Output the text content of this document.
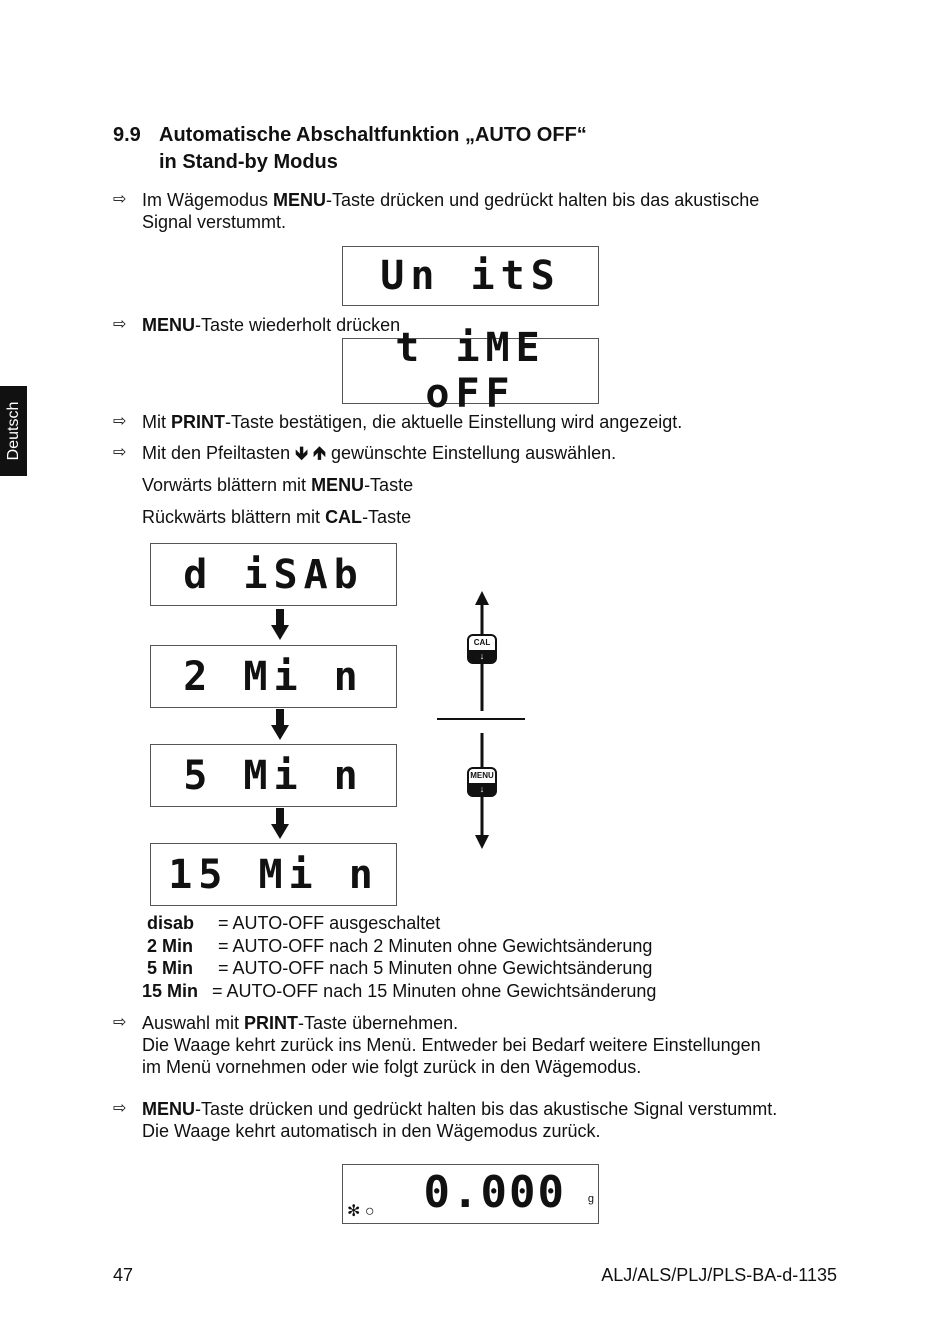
Deutsch
9.9 Automatische Abschaltfunktion „AUTO OFF“
in Stand-by Modus
⇨ Im Wägemodus MENU-Taste drücken und gedrückt halten bis das akustische
Signal verstummt.
Un itS
⇨ MENU-Taste wiederholt drücken
t iME oFF
⇨ Mit PRINT-Taste bestätigen, die aktuelle Einstellung wird angezeigt.
⇨ Mit den Pfeiltasten 🡻 🡹 gewünschte Einstellung auswählen.
Vorwärts blättern mit MENU-Taste
Rückwärts blättern mit CAL-Taste
d iSAb
2 Mi n
5 Mi n
15 Mi n
CAL
↓
MENU
↓
disab = AUTO-OFF ausgeschaltet
2 Min = AUTO-OFF nach 2 Minuten ohne Gewichtsänderung
5 Min = AUTO-OFF nach 5 Minuten ohne Gewichtsänderung
15 Min = AUTO-OFF nach 15 Minuten ohne Gewichtsänderung
⇨ Auswahl mit PRINT-Taste übernehmen.
Die Waage kehrt zurück ins Menü. Entweder bei Bedarf weitere Einstellungen
im Menü vornehmen oder wie folgt zurück in den Wägemodus.
⇨ MENU-Taste drücken und gedrückt halten bis das akustische Signal verstummt.
Die Waage kehrt automatisch in den Wägemodus zurück.
0.000 g
✻ ○
47	ALJ/ALS/PLJ/PLS-BA-d-1135
